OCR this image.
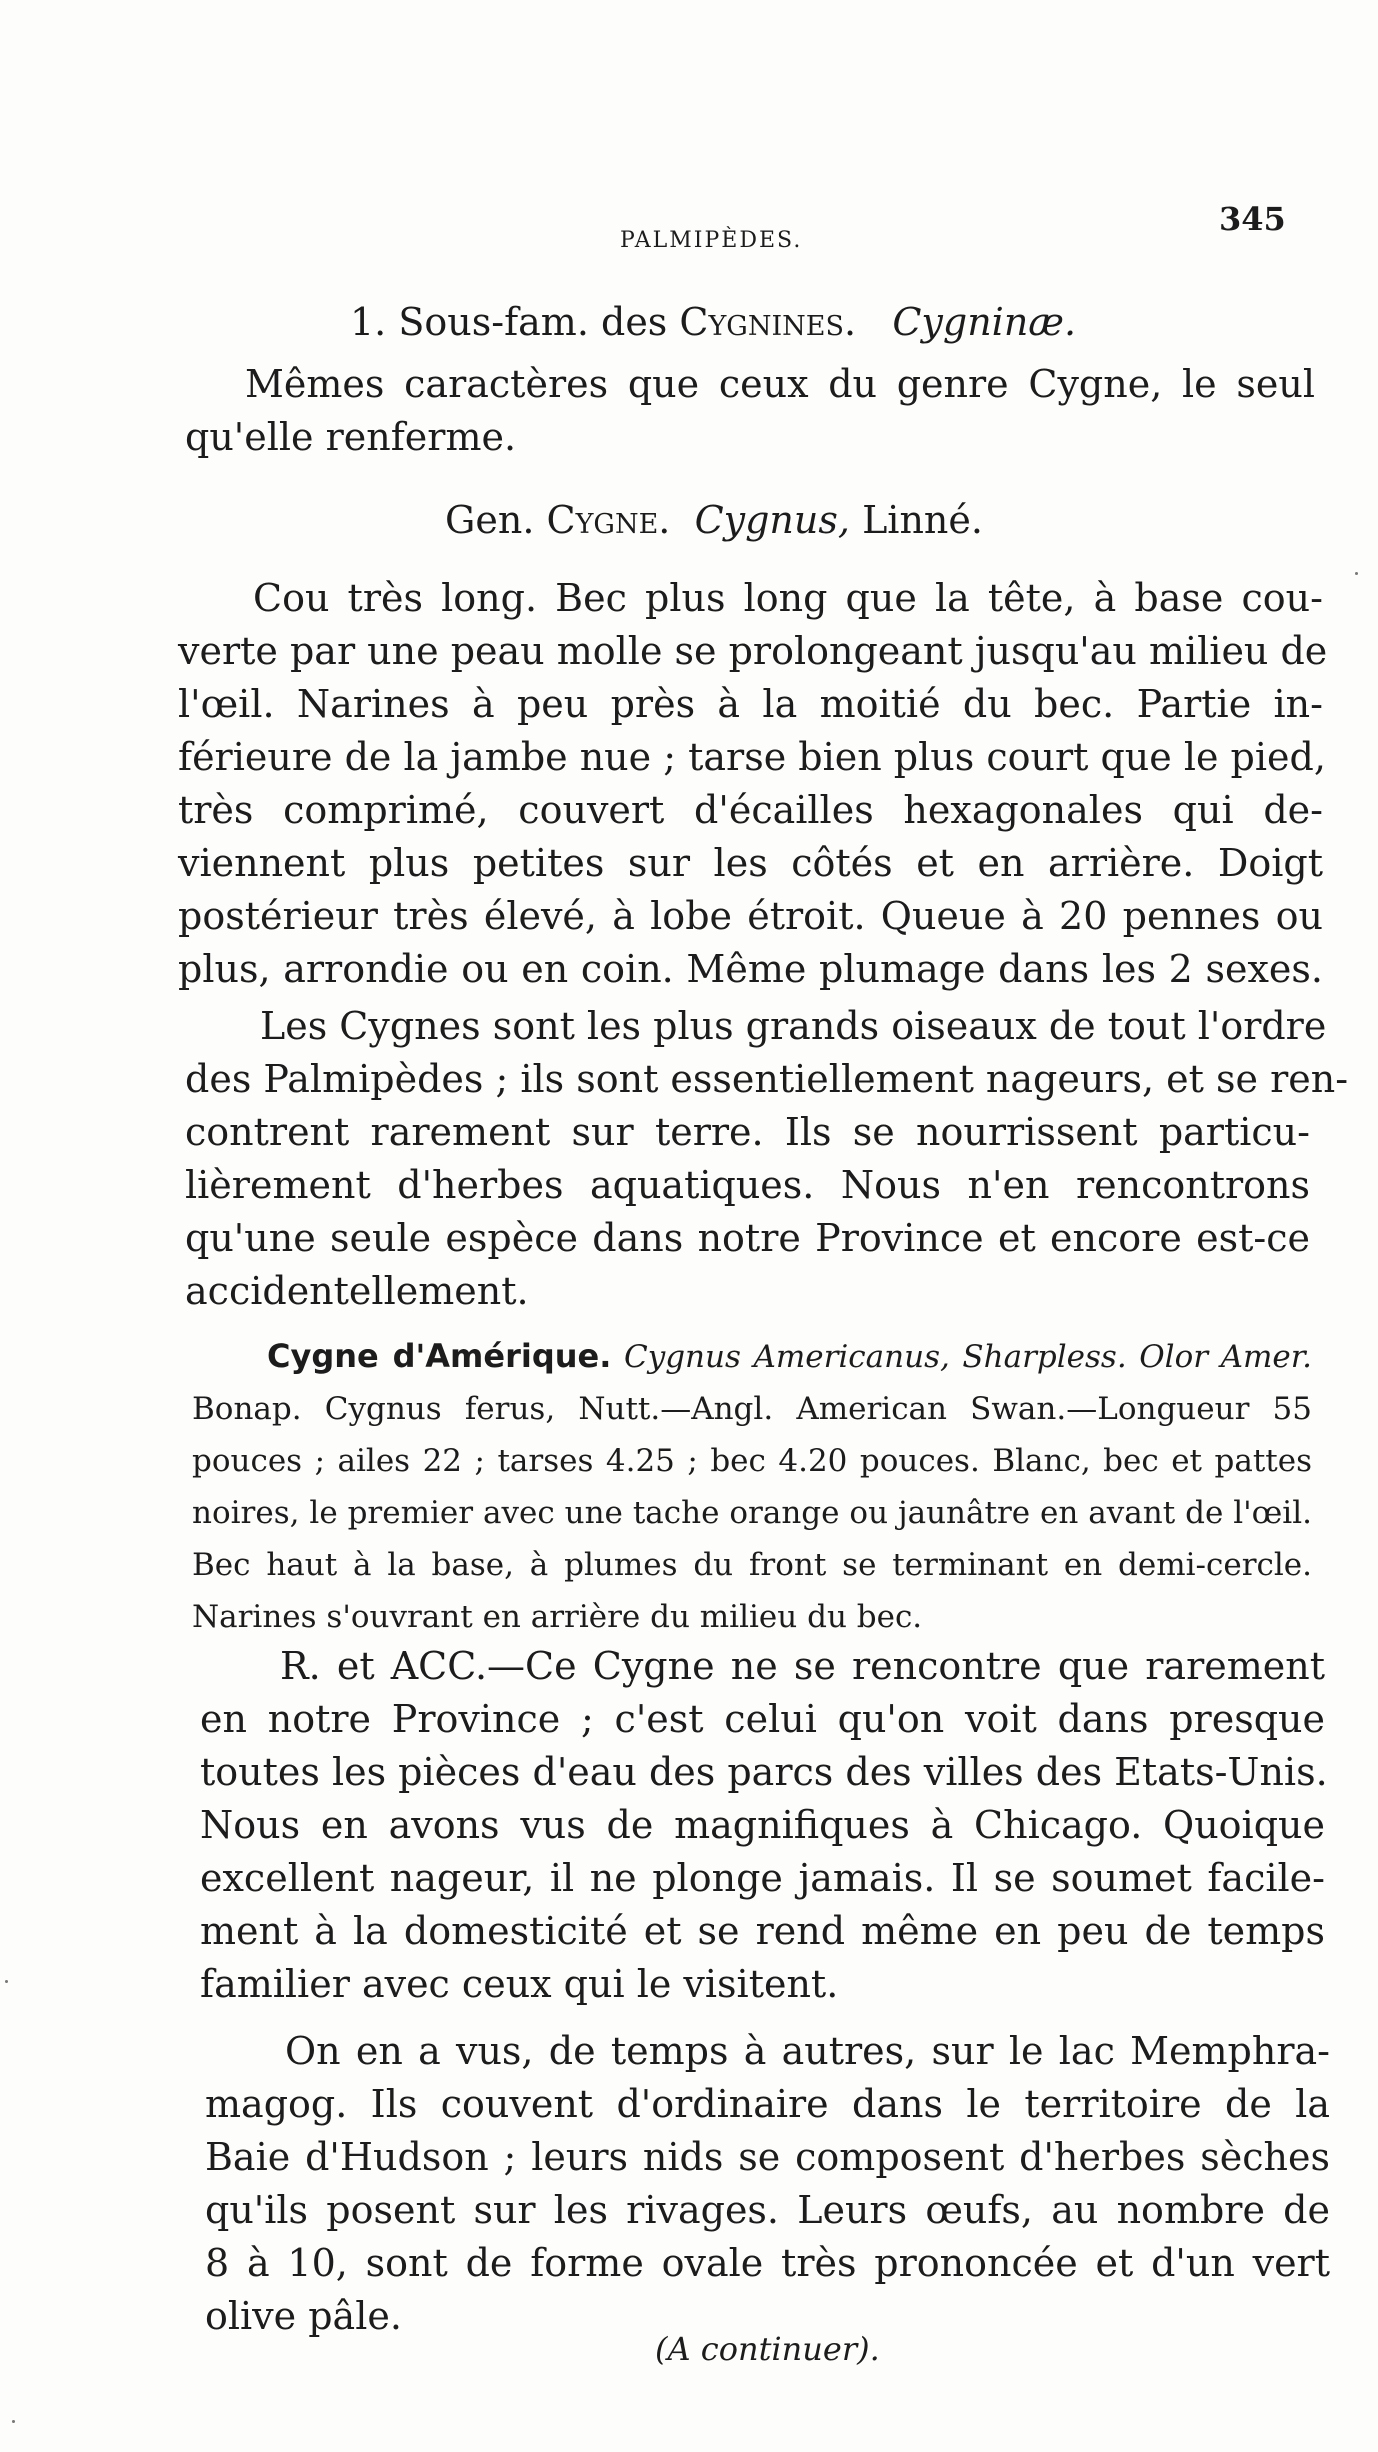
PALMIPÈDES.
345
1. Sous-fam. des Cygnines. Cygninæ.
Mêmes caractères que ceux du genre Cygne, le seul
qu'elle renferme.
Gen. Cygne. Cygnus, Linné.
Cou très long. Bec plus long que la tête, à base cou-
verte par une peau molle se prolongeant jusqu'au milieu de
l'œil. Narines à peu près à la moitié du bec. Partie in-
férieure de la jambe nue ; tarse bien plus court que le pied,
très comprimé, couvert d'écailles hexagonales qui de-
viennent plus petites sur les côtés et en arrière. Doigt
postérieur très élevé, à lobe étroit. Queue à 20 pennes ou
plus, arrondie ou en coin. Même plumage dans les 2 sexes.
Les Cygnes sont les plus grands oiseaux de tout l'ordre
des Palmipèdes ; ils sont essentiellement nageurs, et se ren-
contrent rarement sur terre. Ils se nourrissent particu-
lièrement d'herbes aquatiques. Nous n'en rencontrons
qu'une seule espèce dans notre Province et encore est-ce
accidentellement.
Cygne d'Amérique. Cygnus Americanus, Sharpless. Olor Amer.
Bonap. Cygnus ferus, Nutt.—Angl. American Swan.—Longueur 55
pouces ; ailes 22 ; tarses 4.25 ; bec 4.20 pouces. Blanc, bec et pattes
noires, le premier avec une tache orange ou jaunâtre en avant de l'œil.
Bec haut à la base, à plumes du front se terminant en demi-cercle.
Narines s'ouvrant en arrière du milieu du bec.
R. et ACC.—Ce Cygne ne se rencontre que rarement
en notre Province ; c'est celui qu'on voit dans presque
toutes les pièces d'eau des parcs des villes des Etats-Unis.
Nous en avons vus de magnifiques à Chicago. Quoique
excellent nageur, il ne plonge jamais. Il se soumet facile-
ment à la domesticité et se rend même en peu de temps
familier avec ceux qui le visitent.
On en a vus, de temps à autres, sur le lac Memphra-
magog. Ils couvent d'ordinaire dans le territoire de la
Baie d'Hudson ; leurs nids se composent d'herbes sèches
qu'ils posent sur les rivages. Leurs œufs, au nombre de
8 à 10, sont de forme ovale très prononcée et d'un vert
olive pâle.
(A continuer).
